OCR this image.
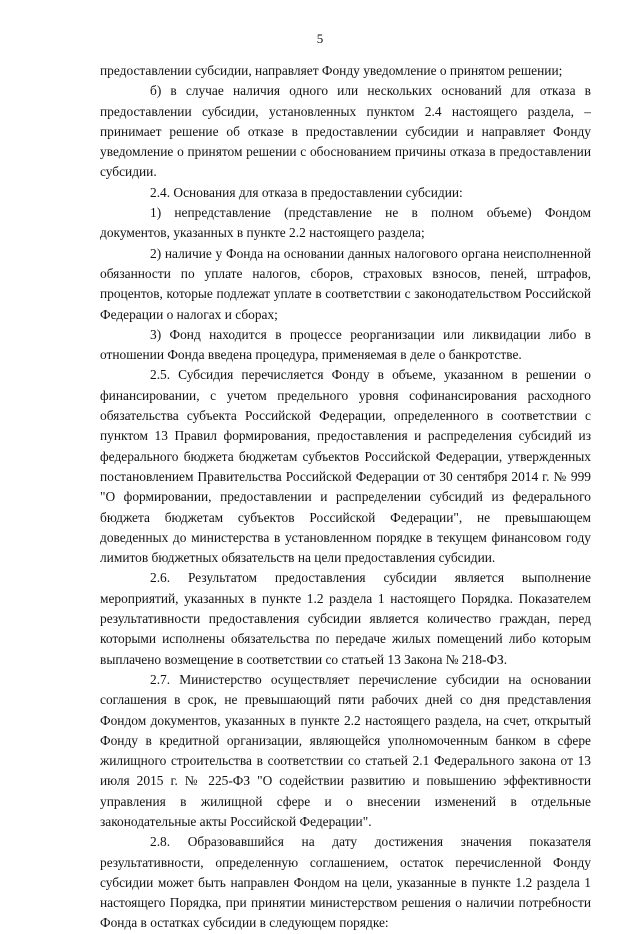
5

предоставлении субсидии, направляет Фонду уведомление о принятом решении;

б) в случае наличия одного или нескольких оснований для отказа в предоставлении субсидии, установленных пунктом 2.4 настоящего раздела, – принимает решение об отказе в предоставлении субсидии и направляет Фонду уведомление о принятом решении с обоснованием причины отказа в предоставлении субсидии.

2.4. Основания для отказа в предоставлении субсидии:

1) непредставление (представление не в полном объеме) Фондом документов, указанных в пункте 2.2 настоящего раздела;

2) наличие у Фонда на основании данных налогового органа неисполненной обязанности по уплате налогов, сборов, страховых взносов, пеней, штрафов, процентов, которые подлежат уплате в соответствии с законодательством Российской Федерации о налогах и сборах;

3) Фонд находится в процессе реорганизации или ликвидации либо в отношении Фонда введена процедура, применяемая в деле о банкротстве.

2.5. Субсидия перечисляется Фонду в объеме, указанном в решении о финансировании, с учетом предельного уровня софинансирования расходного обязательства субъекта Российской Федерации, определенного в соответствии с пунктом 13 Правил формирования, предоставления и распределения субсидий из федерального бюджета бюджетам субъектов Российской Федерации, утвержденных постановлением Правительства Российской Федерации от 30 сентября 2014 г. № 999 "О формировании, предоставлении и распределении субсидий из федерального бюджета бюджетам субъектов Российской Федерации", не превышающем доведенных до министерства в установленном порядке в текущем финансовом году лимитов бюджетных обязательств на цели предоставления субсидии.

2.6. Результатом предоставления субсидии является выполнение мероприятий, указанных в пункте 1.2 раздела 1 настоящего Порядка. Показателем результативности предоставления субсидии является количество граждан, перед которыми исполнены обязательства по передаче жилых помещений либо которым выплачено возмещение в соответствии со статьей 13 Закона № 218-ФЗ.

2.7. Министерство осуществляет перечисление субсидии на основании соглашения в срок, не превышающий пяти рабочих дней со дня представления Фондом документов, указанных в пункте 2.2 настоящего раздела, на счет, открытый Фонду в кредитной организации, являющейся уполномоченным банком в сфере жилищного строительства в соответствии со статьей 2.1 Федерального закона от 13 июля 2015 г. № 225-ФЗ "О содействии развитию и повышению эффективности управления в жилищной сфере и о внесении изменений в отдельные законодательные акты Российской Федерации".

2.8. Образовавшийся на дату достижения значения показателя результативности, определенную соглашением, остаток перечисленной Фонду субсидии может быть направлен Фондом на цели, указанные в пункте 1.2 раздела 1 настоящего Порядка, при принятии министерством решения о наличии потребности Фонда в остатках субсидии в следующем порядке:
